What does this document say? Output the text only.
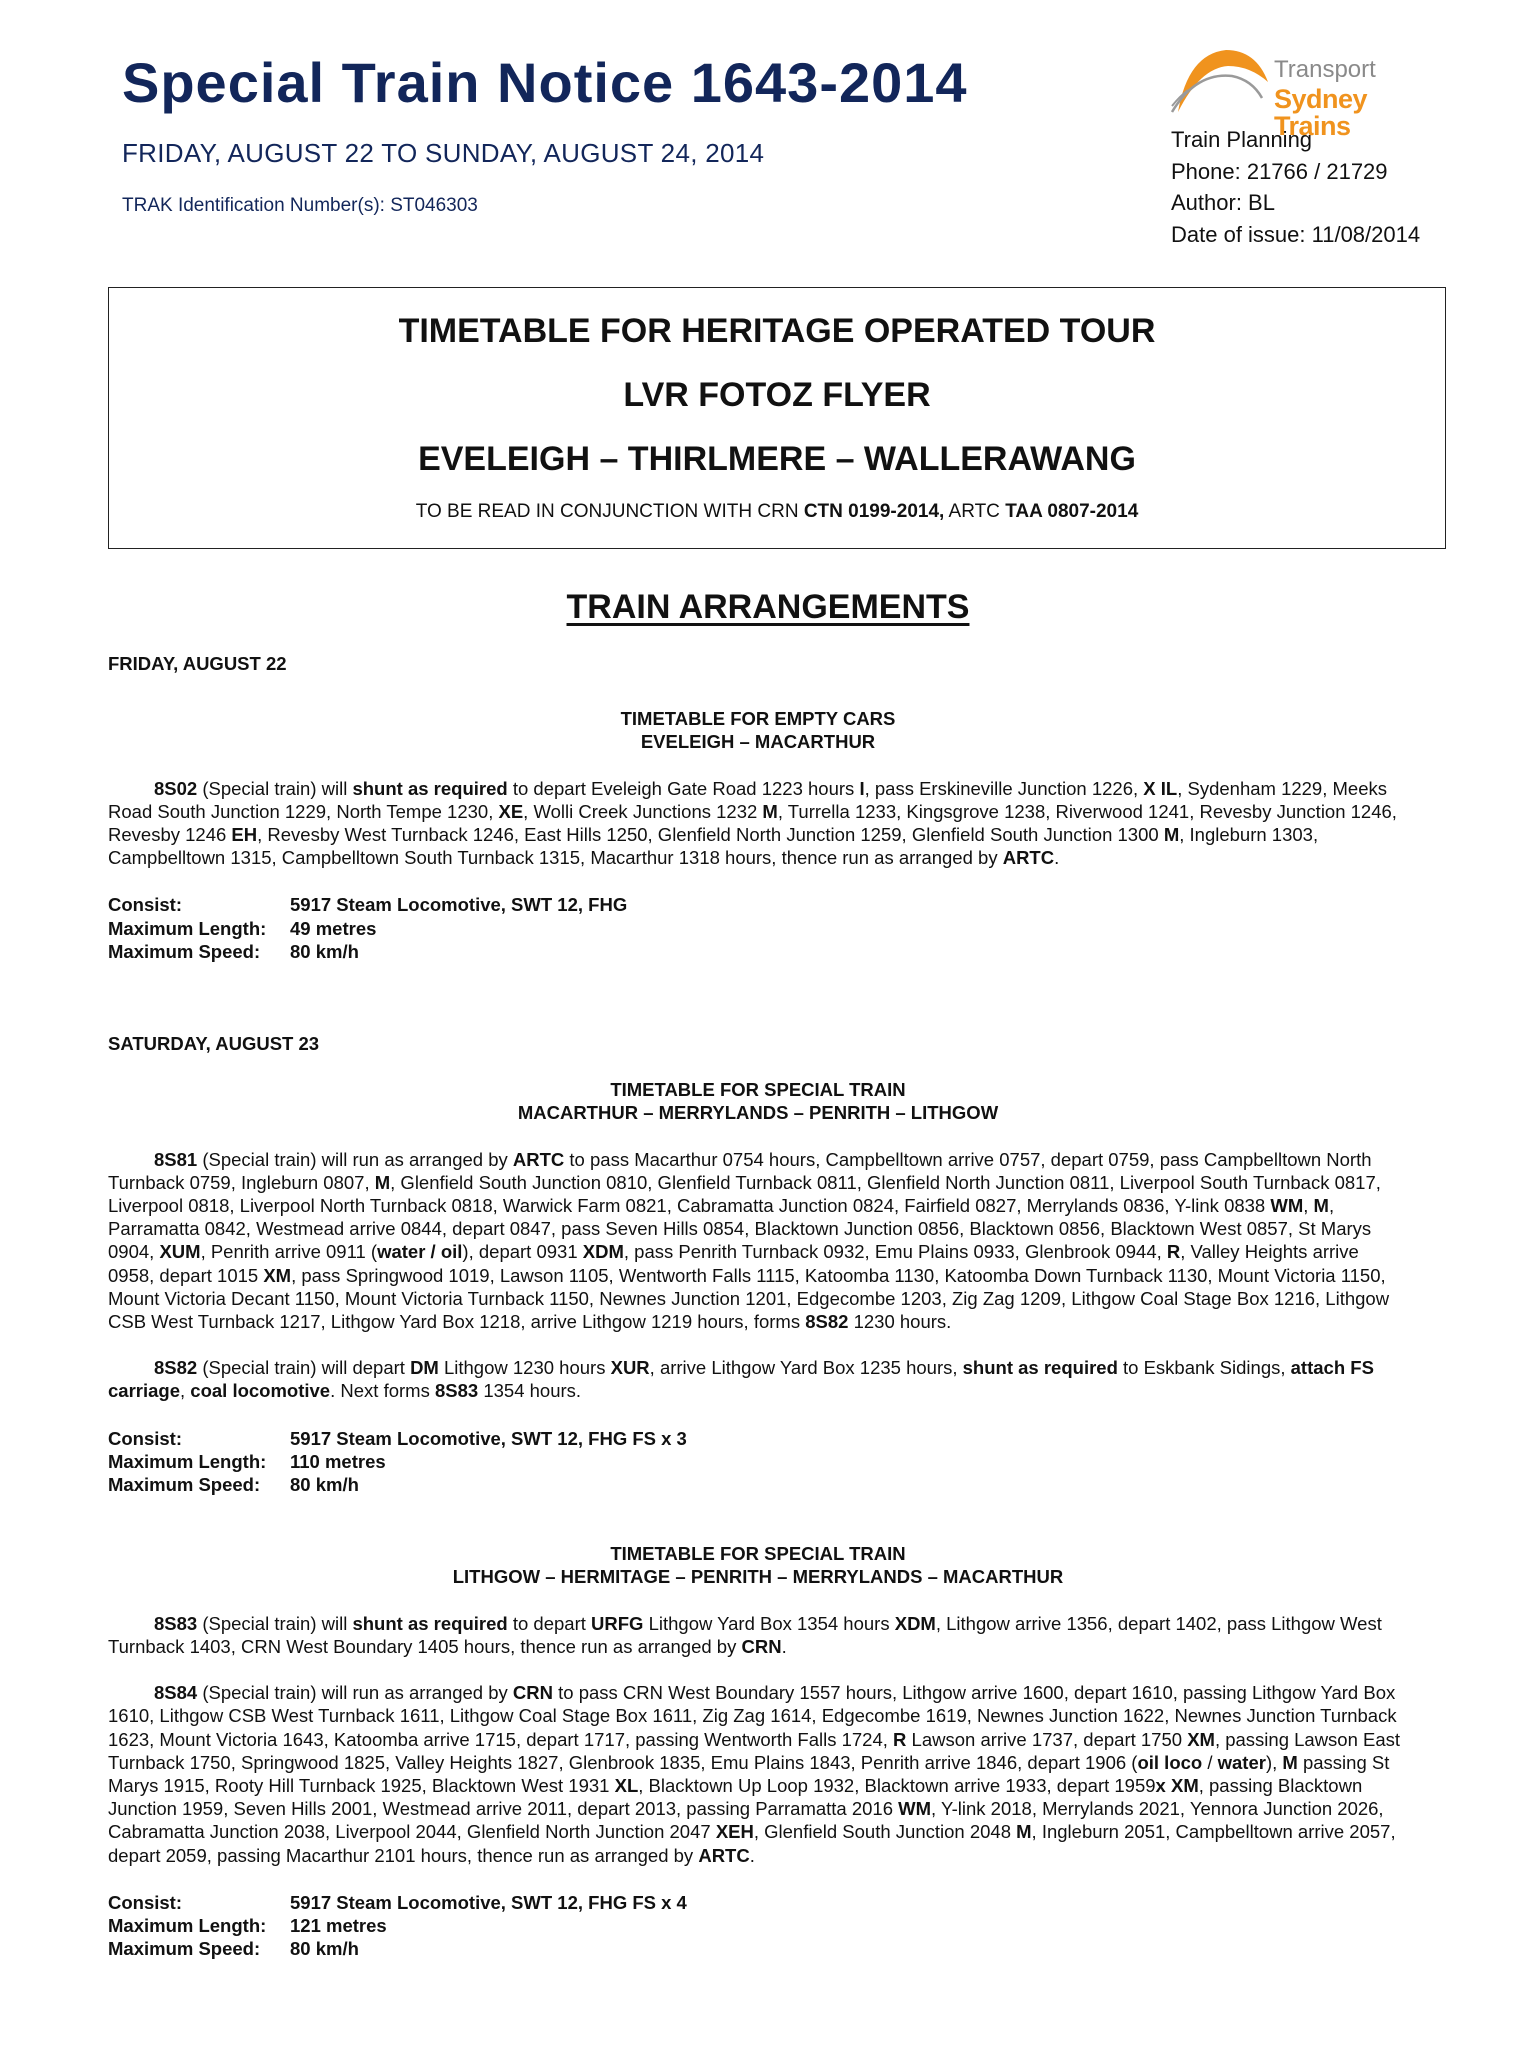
Special Train Notice 1643-2014
FRIDAY, AUGUST 22 TO SUNDAY, AUGUST 24, 2014
TRAK Identification Number(s): ST046303
Transport
Sydney Trains
Train Planning
Phone: 21766 / 21729
Author: BL
Date of issue: 11/08/2014
TIMETABLE FOR HERITAGE OPERATED TOUR
LVR FOTOZ FLYER
EVELEIGH – THIRLMERE – WALLERAWANG
TO BE READ IN CONJUNCTION WITH CRN CTN 0199-2014, ARTC TAA 0807-2014
TRAIN ARRANGEMENTS
FRIDAY, AUGUST 22
TIMETABLE FOR EMPTY CARS
EVELEIGH – MACARTHUR
8S02 (Special train) will shunt as required to depart Eveleigh Gate Road 1223 hours I, pass Erskineville Junction 1226, X IL, Sydenham 1229, Meeks Road South Junction 1229, North Tempe 1230, XE, Wolli Creek Junctions 1232 M, Turrella 1233, Kingsgrove 1238, Riverwood 1241, Revesby Junction 1246, Revesby 1246 EH, Revesby West Turnback 1246, East Hills 1250, Glenfield North Junction 1259, Glenfield South Junction 1300 M, Ingleburn 1303, Campbelltown 1315, Campbelltown South Turnback 1315, Macarthur 1318 hours, thence run as arranged by ARTC.
Consist:	5917 Steam Locomotive, SWT 12, FHG
Maximum Length:	49 metres
Maximum Speed:	80 km/h
SATURDAY, AUGUST 23
TIMETABLE FOR SPECIAL TRAIN
MACARTHUR – MERRYLANDS – PENRITH – LITHGOW
8S81 (Special train) will run as arranged by ARTC to pass Macarthur 0754 hours, Campbelltown arrive 0757, depart 0759, pass Campbelltown North Turnback 0759, Ingleburn 0807, M, Glenfield South Junction 0810, Glenfield Turnback 0811, Glenfield North Junction 0811, Liverpool South Turnback 0817, Liverpool 0818, Liverpool North Turnback 0818, Warwick Farm 0821, Cabramatta Junction 0824, Fairfield 0827, Merrylands 0836, Y-link 0838 WM, M, Parramatta 0842, Westmead arrive 0844, depart 0847, pass Seven Hills 0854, Blacktown Junction 0856, Blacktown 0856, Blacktown West 0857, St Marys 0904, XUM, Penrith arrive 0911 (water / oil), depart 0931 XDM, pass Penrith Turnback 0932, Emu Plains 0933, Glenbrook 0944, R, Valley Heights arrive 0958, depart 1015 XM, pass Springwood 1019, Lawson 1105, Wentworth Falls 1115, Katoomba 1130, Katoomba Down Turnback 1130, Mount Victoria 1150, Mount Victoria Decant 1150, Mount Victoria Turnback 1150, Newnes Junction 1201, Edgecombe 1203, Zig Zag 1209, Lithgow Coal Stage Box 1216, Lithgow CSB West Turnback 1217, Lithgow Yard Box 1218, arrive Lithgow 1219 hours, forms 8S82 1230 hours.
8S82 (Special train) will depart DM Lithgow 1230 hours XUR, arrive Lithgow Yard Box 1235 hours, shunt as required to Eskbank Sidings, attach FS carriage, coal locomotive. Next forms 8S83 1354 hours.
Consist:	5917 Steam Locomotive, SWT 12, FHG FS x 3
Maximum Length:	110 metres
Maximum Speed:	80 km/h
TIMETABLE FOR SPECIAL TRAIN
LITHGOW – HERMITAGE – PENRITH – MERRYLANDS – MACARTHUR
8S83 (Special train) will shunt as required to depart URFG Lithgow Yard Box 1354 hours XDM, Lithgow arrive 1356, depart 1402, pass Lithgow West Turnback 1403, CRN West Boundary 1405 hours, thence run as arranged by CRN.
8S84 (Special train) will run as arranged by CRN to pass CRN West Boundary 1557 hours, Lithgow arrive 1600, depart 1610, passing Lithgow Yard Box 1610, Lithgow CSB West Turnback 1611, Lithgow Coal Stage Box 1611, Zig Zag 1614, Edgecombe 1619, Newnes Junction 1622, Newnes Junction Turnback 1623, Mount Victoria 1643, Katoomba arrive 1715, depart 1717, passing Wentworth Falls 1724, R Lawson arrive 1737, depart 1750 XM, passing Lawson East Turnback 1750, Springwood 1825, Valley Heights 1827, Glenbrook 1835, Emu Plains 1843, Penrith arrive 1846, depart 1906 (oil loco / water), M passing St Marys 1915, Rooty Hill Turnback 1925, Blacktown West 1931 XL, Blacktown Up Loop 1932, Blacktown arrive 1933, depart 1959x XM, passing Blacktown Junction 1959, Seven Hills 2001, Westmead arrive 2011, depart 2013, passing Parramatta 2016 WM, Y-link 2018, Merrylands 2021, Yennora Junction 2026, Cabramatta Junction 2038, Liverpool 2044, Glenfield North Junction 2047 XEH, Glenfield South Junction 2048 M, Ingleburn 2051, Campbelltown arrive 2057, depart 2059, passing Macarthur 2101 hours, thence run as arranged by ARTC.
Consist:	5917 Steam Locomotive, SWT 12, FHG FS x 4
Maximum Length:	121 metres
Maximum Speed:	80 km/h
